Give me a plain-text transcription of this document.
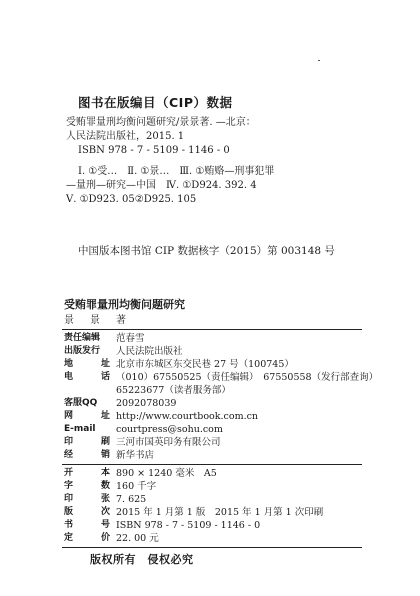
图书在版编目（CIP）数据
受贿罪量刑均衡问题研究/景景著. —北京：
人民法院出版社，2015. 1
ISBN 978 - 7 - 5109 - 1146 - 0
Ⅰ. ①受…　Ⅱ. ①景…　Ⅲ. ①贿赂—刑事犯罪
—量刑—研究—中国　Ⅳ. ①D924. 392. 4
Ⅴ. ①D923. 05②D925. 105
中国版本图书馆 CIP 数据核字（2015）第 003148 号
受贿罪量刑均衡问题研究
景　景　著
责任编辑	范春雪
出版发行	人民法院出版社
地	址 北京市东城区东交民巷 27 号（100745）
电	话 （010）67550525（责任编辑）　67550558（发行部查询）
65223677（读者服务部）
客服QQ	2092078039
网	址 http://www.courtbook.com.cn
E-mail	courtpress@sohu.com
印	刷 三河市国英印务有限公司
经	销 新华书店
开	本 890 × 1240 毫米　A5
字	数 160 千字
印	张 7. 625
版	次 2015 年 1 月第 1 版　2015 年 1 月第 1 次印刷
书	号 ISBN 978 - 7 - 5109 - 1146 - 0
定	价 22. 00 元
版权所有　侵权必究
